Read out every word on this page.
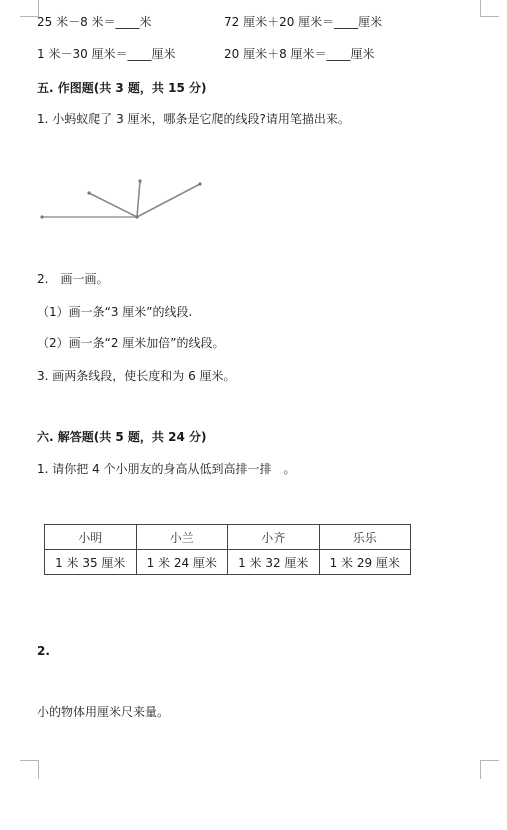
25 米－8 米＝____米	72 厘米＋20 厘米＝____厘米
1 米－30 厘米＝____厘米	20 厘米＋8 厘米＝____厘米
五. 作图题(共 3 题，共 15 分)
1. 小蚂蚁爬了 3 厘米，哪条是它爬的线段?请用笔描出来。
2.　画一画。
（1）画一条“3 厘米”的线段.
（2）画一条“2 厘米加倍”的线段。
3. 画两条线段，使长度和为 6 厘米。
六. 解答题(共 5 题，共 24 分)
1. 请你把 4 个小朋友的身高从低到高排一排　。
小明	小兰	小齐	乐乐
1 米 35 厘米	1 米 24 厘米	1 米 32 厘米	1 米 29 厘米
2.
小的物体用厘米尺来量。
